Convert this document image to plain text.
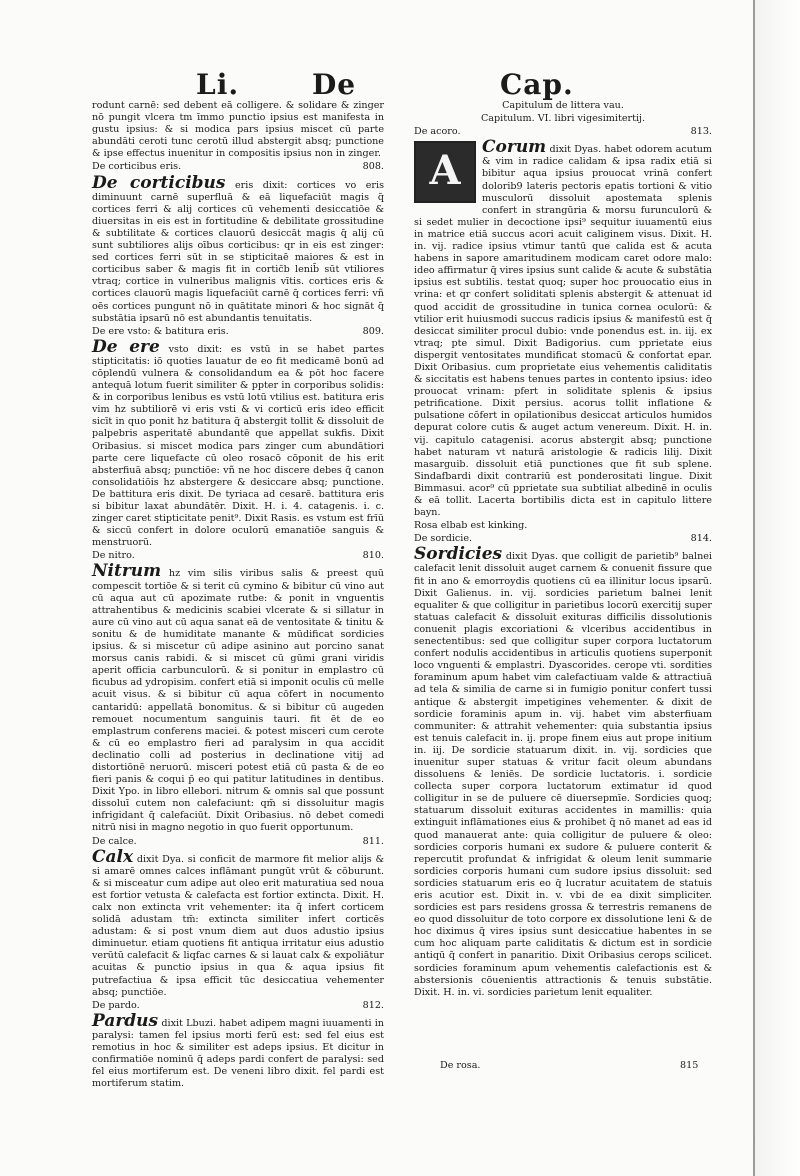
Li.	De	Cap.

rodunt carnē: sed debent eā colligere. & solidare & zinger nō pungit vlcera tm īmmo punctio ipsius est manifesta in gustu ipsius: & si modica pars ipsius miscet cū parte abundāti ceroti tunc cerotū illud abstergit absq; punctione & ipse effectus inuenitur in compositis ipsius non in zinger.

De corticibus eris.	808.

De corticibus eris dixit: cortices vo eris diminuunt carnē superfluā & eā liquefaciūt magis q̄ cortices ferri & alij cortices cū vehementi desiccatiōe & diuersitas in eis est in fortitudine & debilitate grossitudine & subtilitate & cortices clauorū desiccāt magis q̄ alij cū sunt subtiliores alijs oībus corticibus: qr in eis est zinger: sed cortices ferri sūt in se stipticitaē maiores & est in corticibus saber & magis fit in cortic̄b lenib̄ sūt vtiliores vtraq; cortice in vulneribus malignis vītis. cortices eris & cortices clauorū magis liquefaciūt carnē q̄ cortices ferri: vñ oēs cortices pungunt nō in quātitate minori & hoc signāt q̄ substātia ipsarū nō est abundantis tenuitatis.

De ere vsto: & batitura eris.	809.

De ere vsto dixit: es vstū in se habet partes stipticitatis: iō quoties lauatur de eo fit medicamē bonū ad cōplendū vulnera & consolidandum ea & pōt hoc facere antequā lotum fuerit similiter & ppter in corporibus solidis: & in corporibus lenibus es vstū lotū vtilius est. batitura eris vim hz subtiliorē vi eris vsti & vi corticū eris ideo efficit sicīt in quo ponit hz batitura q̄ abstergit tollit & dissoluit de palpebris asperitatē abundantē que appellat sukfis. Dixit Oribasius. si miscet modica pars zinger cum abundātiori parte cere liquefacte cū oleo rosacō cōponit de his erit absterfiuā absq; punctiōe: vñ ne hoc discere debes q̄ canon consolidatiōis hz abstergere & desiccare absq; punctione. De battitura eris dixit. De tyriaca ad cesarē. battitura eris si bibitur laxat abundātēr. Dixit. H. i. 4. catagenis. i. c. zinger caret stipticitate penit⁹. Dixit Rasis. es vstum est frīū & siccū confert in dolore oculorū emanatiōe sanguis & menstruorū.

De nitro.	810.

Nitrum hz vim silis viribus salis & preest quū compescit tortiōe & si terit cū cymino & bibitur cū vino aut cū aqua aut cū apozimate rutbe: & ponit in vnguentis attrahentibus & medicinis scabiei vlcerate & si sillatur in aure cū vino aut cū aqua sanat eā de ventositate & tinitu & sonitu & de humiditate manante & mūdificat sordicies ipsius. & si miscetur cū adipe asinino aut porcino sanat morsus canis rabidi. & si miscet cū gūmi grani viridis aperit officia carbunculorū. & si ponitur in emplastro cū ficubus ad ydropisim. confert etiā si imponit oculis cū melle acuit visus. & si bibitur cū aqua cōfert in nocumento cantaridū: appellatā bonomitus. & si bibitur cū augeden remouet nocumentum sanguinis tauri. fit ēt de eo emplastrum conferens maciei. & potest misceri cum cerote & cū eo emplastro fieri ad paralysim in qua accidit declinatio colli ad posterius in declinatione vitij ad distortiōnē neruorū. misceri potest etiā cū pasta & de eo fieri panis & coqui p̄ eo qui patitur latitudines in dentibus. Dixit Ypo. in libro ellebori. nitrum & omnis sal que possunt dissoluī cutem non calefaciunt: qm̄ si dissoluitur magis infrigidant q̄ calefaciūt. Dixit Oribasius. nō debet comedi nitrū nisi in magno negotio in quo fuerit opportunum.

De calce.	811.

Calx dixit Dya. si conficit de marmore fit melior alijs & si amarē omnes calces inflāmant pungūt vrūt & cōburunt. & si misceatur cum adipe aut oleo erit maturatiua sed noua est fortior vetusta & calefacta est fortior extincta. Dixit. H. calx non extincta vrit vehementer: ita q̄ infert corticem solidā adustam tm̄: extincta similiter infert corticēs adustam: & si post vnum diem aut duos adustio ipsius diminuetur. etiam quotiens fit antiqua irritatur eius adustio verūtū calefacit & liqfac carnes & si lauat calx & expoliātur acuitas & punctio ipsius in qua & aqua ipsius fit putrefactiua & ipsa efficit tūc desiccatiua vehementer absq; punctiōe.

De pardo.	812.

Pardus dixit Lbuzi. habet adipem magni iuuamenti in paralysi: tamen fel ipsius morti ferū est: sed fel eius est remotius in hoc & similiter est adeps ipsius. Et dicitur in confirmatiōe nominū q̄ adeps pardi confert de paralysi: sed fel eius mortiferum est. De veneni libro dixit. fel pardi est mortiferum statim.

Capitulum de littera vau.

Capitulum. VI. libri vigesimitertij.

De acoro.	813.

A	Corum dixit Dyas. habet odorem acutum & vim in radice calidam & ipsa radix etiā si bibitur aqua ipsius prouocat vrinā confert dolorib9 lateris pectoris epatis tortioni & vitio musculorū dissoluit apostemata splenis confert in strangūria & morsu furunculorū & si sedet mulier in decoctione ipsi⁹ sequitur iuuamentū eius in matrice etiā succus acori acuit caliginem visus. Dixit. H. in. vij. radice ipsius vtimur tantū que calida est & acuta habens in sapore amaritudinem modicam caret odore malo: ideo affirmatur q̄ vires ipsius sunt calide & acute & substātia ipsius est subtilis. testat quoq; super hoc prouocatio eius in vrina: et qr confert soliditati splenis abstergit & attenuat id quod accidit de grossitudine in tunica cornea oculorū: & vtilior erit huiusmodi succus radicis ipsius & manifestū est q̄ desiccat similiter procul dubio: vnde ponendus est. in. iij. ex vtraq; pte simul. Dixit Badigorius. cum pprietate eius dispergit ventositates mundificat stomacū & confortat epar. Dixit Oribasius. cum proprietate eius vehementis caliditatis & siccitatis est habens tenues partes in contento ipsius: ideo prouocat vrinam: pfert in soliditate splenis & ipsius petrificatione. Dixit persius. acorus tollit inflatione & pulsatione cōfert in opilationibus desiccat articulos humidos depurat colore cutis & auget actum venereum. Dixit. H. in. vij. capitulo catagenisi. acorus abstergit absq; punctione habet naturam vt naturā aristologie & radicis lilij. Dixit masarguib. dissoluit etiā punctiones que fit sub splene. Sindafbardi dixit contrariū est ponderositati lingue. Dixit Bimmasui. acor⁹ cū pprietate sua subtiliat albedinē in oculis & eā tollit. Lacerta bortibilis dicta est in capitulo littere bayn.

Rosa elbab est kinking.

De sordicie.	814.

Sordicies dixit Dyas. que colligit de parietib⁹ balnei calefacit lenit dissoluit auget carnem & conuenit fissure que fit in ano & emorroydis quotiens cū ea illinitur locus ipsarū. Dixit Galienus. in. vij. sordicies parietum balnei lenit equaliter & que colligitur in parietibus locorū exercitij super statuas calefacit & dissoluit exituras difficilis dissolutionis conuenit plagis excoriationi & vlceribus accidentibus in senectentibus: sed que colligitur super corpora luctatorum confert nodulis accidentibus in articulis quotiens superponit loco vnguenti & emplastri. Dyascorides. cerope vti. sordities foraminum apum habet vim calefactiuam valde & attractiuā ad tela & similia de carne si in fumigio ponitur confert tussi antique & abstergit impetigines vehementer. & dixit de sordicie foraminis apum in. vij. habet vim absterfiuam communiter: & attrahit vehementer: quia substantia ipsius est tenuis calefacit in. ij. prope finem eius aut prope initium in. iij. De sordicie statuarum dixit. in. vij. sordicies que inuenitur super statuas & vritur facit oleum abundans dissoluens & leniēs. De sordicie luctatoris. i. sordicie collecta super corpora luctatorum extimatur id quod colligitur in se de puluere cē diuersepmīe. Sordicies quoq; statuarum dissoluit exituras accidentes in mamillis: quia extinguit inflāmationes eius & prohibet q̄ nō manet ad eas id quod manauerat ante: quia colligitur de puluere & oleo: sordicies corporis humani ex sudore & puluere conterit & repercutit profundat & infrigidat & oleum lenit summarie sordicies corporis humani cum sudore ipsius dissoluit: sed sordicies statuarum eris eo q̄ lucratur acuitatem de statuis eris acutior est. Dixit in. v. vbi de ea dixit simpliciter. sordicies est pars residens grossa & terrestris remanens de eo quod dissoluitur de toto corpore ex dissolutione leni & de hoc diximus q̄ vires ipsius sunt desiccatiue habentes in se cum hoc aliquam parte caliditatis & dictum est in sordicie antiqū q̄ confert in panaritio. Dixit Oribasius cerops scilicet. sordicies foraminum apum vehementis calefactionis est & abstersionis cōuenientis attractionis & tenuis substātie. Dixit. H. in. vi. sordicies parietum lenit equaliter.

De rosa.	815
